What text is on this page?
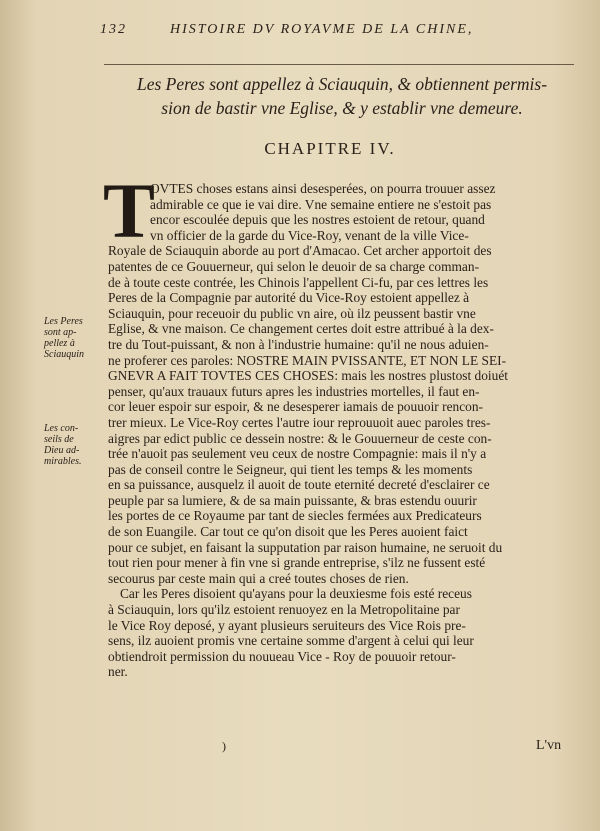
132	HISTOIRE DV ROYAVME DE LA CHINE,
Les Peres sont appellez à Sciauquin, & obtiennent permis-
sion de bastir vne Eglise, & y establir vne demeure.
CHAPITRE IV.
T
OVTES choses estans ainsi desesperées, on pourra trouuer assez
admirable ce que ie vai dire. Vne semaine entiere ne s'estoit pas
encor escoulée depuis que les nostres estoient de retour, quand
vn officier de la garde du Vice-Roy, venant de la ville Vice-
Royale de Sciauquin aborde au port d'Amacao. Cet archer apportoit des
patentes de ce Gouuerneur, qui selon le deuoir de sa charge comman-
de à toute ceste contrée, les Chinois l'appellent Ci-fu, par ces lettres les
Peres de la Compagnie par autorité du Vice-Roy estoient appellez à
Sciauquin, pour receuoir du public vn aire, où ilz peussent bastir vne
Eglise, & vne maison. Ce changement certes doit estre attribué à la dex-
tre du Tout-puissant, & non à l'industrie humaine: qu'il ne nous aduien-
ne proferer ces paroles: NOSTRE MAIN PVISSANTE, ET NON LE SEI-
GNEVR A FAIT TOVTES CES CHOSES: mais les nostres plustost doiuét
penser, qu'aux trauaux futurs apres les industries mortelles, il faut en-
cor leuer espoir sur espoir, & ne desesperer iamais de pouuoir rencon-
trer mieux. Le Vice-Roy certes l'autre iour reprouuoit auec paroles tres-
aigres par edict public ce dessein nostre: & le Gouuerneur de ceste con-
trée n'auoit pas seulement veu ceux de nostre Compagnie: mais il n'y a
pas de conseil contre le Seigneur, qui tient les temps & les moments
en sa puissance, ausquelz il auoit de toute eternité decreté d'esclairer ce
peuple par sa lumiere, & de sa main puissante, & bras estendu ouurir
les portes de ce Royaume par tant de siecles fermées aux Predicateurs
de son Euangile. Car tout ce qu'on disoit que les Peres auoient faict
pour ce subjet, en faisant la supputation par raison humaine, ne seruoit du
tout rien pour mener à fin vne si grande entreprise, s'ilz ne fussent esté
secourus par ceste main qui a creé toutes choses de rien.
Car les Peres disoient qu'ayans pour la deuxiesme fois esté receus
à Sciauquin, lors qu'ilz estoient renuoyez en la Metropolitaine par
le Vice Roy deposé, y ayant plusieurs seruiteurs des Vice Rois pre-
sens, ilz auoient promis vne certaine somme d'argent à celui qui leur
obtiendroit permission du nouueau Vice - Roy de pouuoir retour-
ner.
Les Peres
sont ap-
pellez à
Sciauquin
Les con-
seils de
Dieu ad-
mirables.
)	L'vn
